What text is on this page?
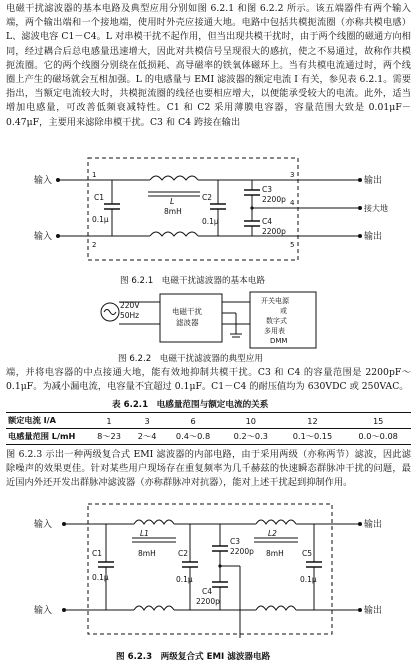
电磁干扰滤波器的基本电路及典型应用分别如图 6.2.1 和图 6.2.2 所示。该五端器件有两个输入端，两个输出端和一个接地端，使用时外壳应接通大地。电路中包括共模扼流圈（亦称共模电感）L、滤波电容 C1－C4。L 对串模干扰不起作用，但当出现共模干扰时，由于两个线圈的磁通方向相同，经过耦合后总电感量迅速增大，因此对共模信号呈现很大的感抗，使之不易通过，故称作共模扼流圈。它的两个线圈分别绕在低损耗、高导磁率的铁氧体磁环上。当有共模电流通过时，两个线圈上产生的磁场就会互相加强。L 的电感量与 EMI 滤波器的额定电流 I 有关，参见表 6.2.1。需要指出，当额定电流较大时，共模扼流圈的线径也要相应增大，以便能承受较大的电流。此外，适当增加电感量，可改善低频衰减特性。C1 和 C2 采用薄膜电容器，容量范围大致是 0.01μF－0.47μF，主要用来滤除串模干扰。C3 和 C4 跨接在输出
输入
输入
C1
0.1μ
L
8mH
C2
0.1μ
C3
2200p
C4
2200p
1
2
3
4
5
输出
接大地
输出
图 6.2.1　电磁干扰滤波器的基本电路
220V
50Hz	电磁干扰
滤波器
开关电源
或
数字式
多用表
DMM
图 6.2.2　电磁干扰滤波器的典型应用
端，并将电容器的中点接通大地，能有效地抑制共模干扰。C3 和 C4 的容量范围是 2200pF～0.1μF。为减小漏电流，电容量不宜超过 0.1μF。C1－C4 的耐压值均为 630VDC 或 250VAC。
表 6.2.1　电感量范围与额定电流的关系
额定电流 I/A	1	3	6	10	12	15
电感量范围 L/mH	8～23	2～4	0.4～0.8	0.2～0.3	0.1～0.15	0.0～0.08
图 6.2.3 示出一种两级复合式 EMI 滤波器的内部电路，由于采用两级（亦称两节）滤波，因此滤除噪声的效果更佳。针对某些用户现场存在重复频率为几千赫兹的快速瞬态群脉冲干扰的问题，最近国内外还开发出群脉冲滤波器（亦称群脉冲对抗器），能对上述干扰起到抑制作用。
输入
输入
C1
0.1μ
L1
8mH	C2
0.1μ
C3
2200p
C4
2200p
L2
8mH C5
0.1μ
输出
输出
图 6.2.3　两级复合式 EMI 滤波器电路
